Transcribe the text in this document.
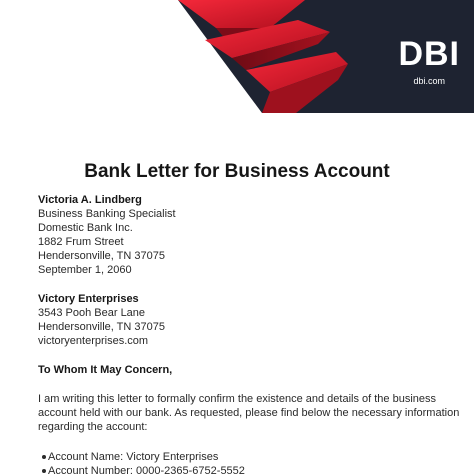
DBI
dbi.com
Bank Letter for Business Account
Victoria A. Lindberg
Business Banking Specialist
Domestic Bank Inc.
1882 Frum Street
Hendersonville, TN 37075
September 1, 2060
Victory Enterprises
3543 Pooh Bear Lane
Hendersonville, TN 37075
victoryenterprises.com
To Whom It May Concern,
I am writing this letter to formally confirm the existence and details of the business
account held with our bank. As requested, please find below the necessary information
regarding the account:
Account Name: Victory Enterprises
Account Number: 0000-2365-6752-5552
